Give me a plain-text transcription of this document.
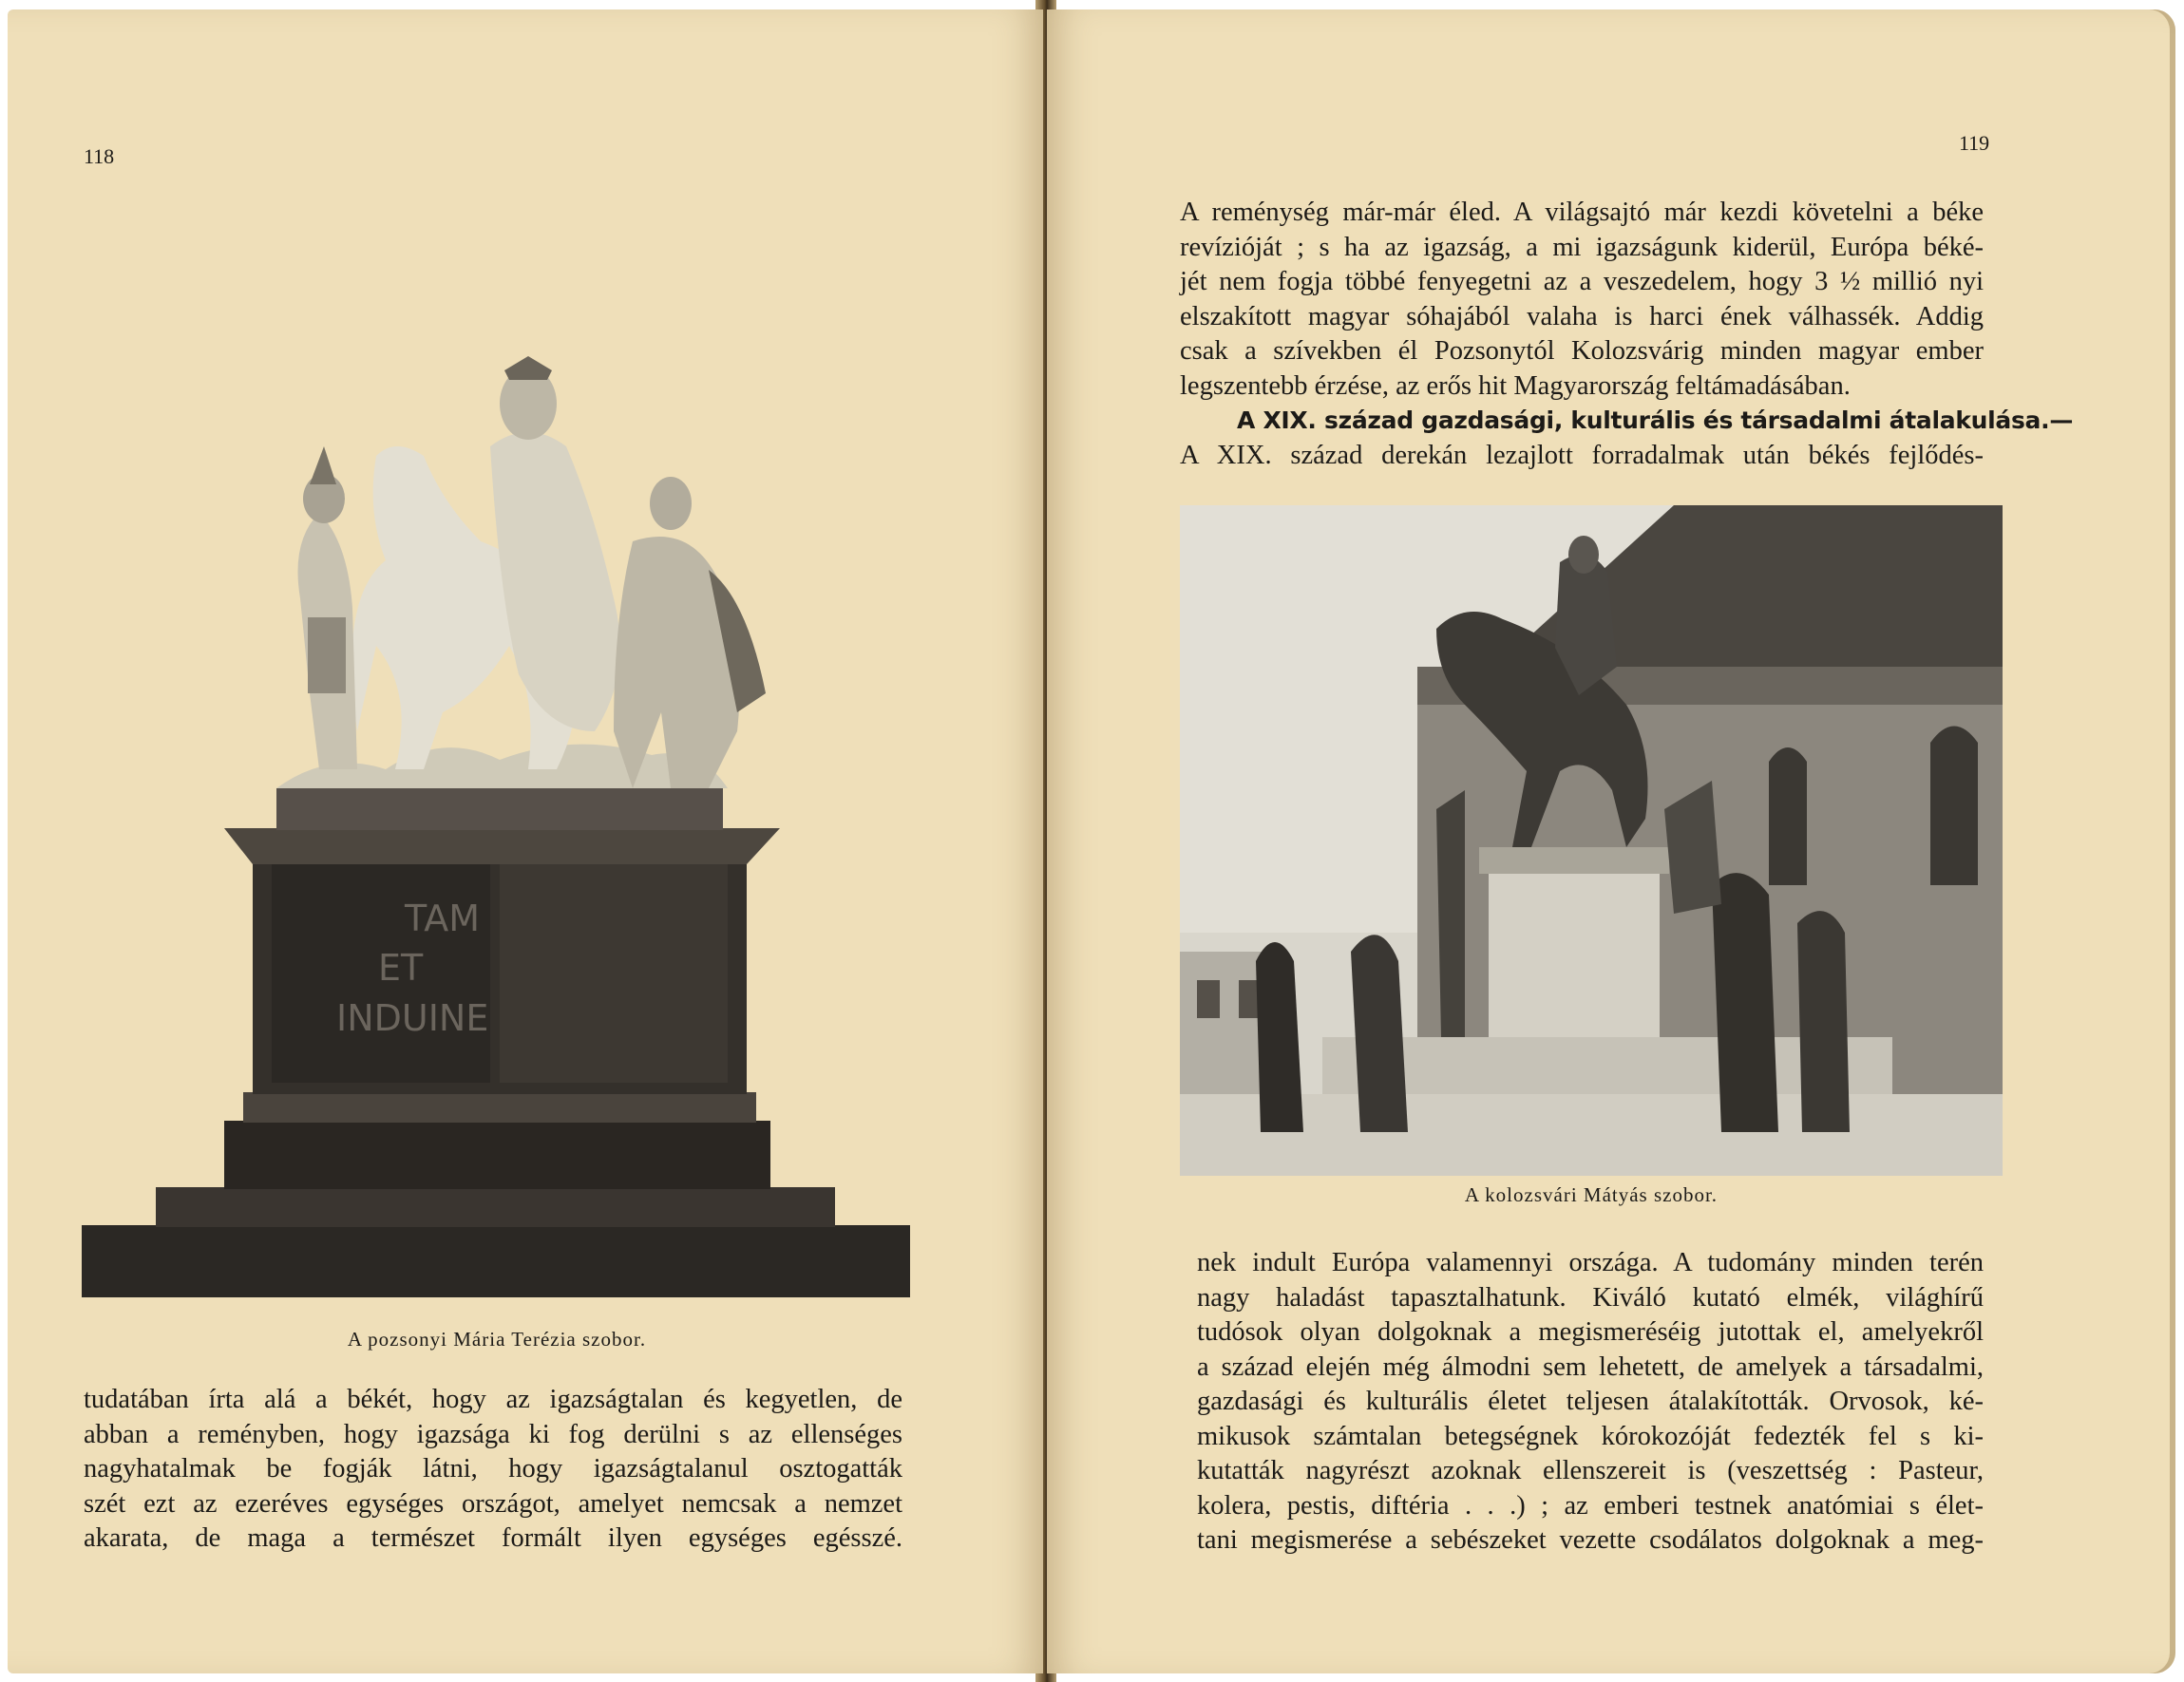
118
TAM
ET
INDUINE
A pozsonyi Mária Terézia szobor.
tudatában írta alá a békét, hogy az igazságtalan és kegyetlen, de
abban a reményben, hogy igazsága ki fog derülni s az ellenséges
nagyhatalmak be fogják látni, hogy igazságtalanul osztogatták
szét ezt az ezeréves egységes országot, amelyet nemcsak a nemzet
akarata, de maga a természet formált ilyen egységes egésszé.
119
A reménység már-már éled. A világsajtó már kezdi követelni a béke
revízióját ; s ha az igazság, a mi igazságunk kiderül, Európa béké-
jét nem fogja többé fenyegetni az a veszedelem, hogy 3 ½ millió nyi
elszakított magyar sóhajából valaha is harci ének válhassék. Addig
csak a szívekben él Pozsonytól Kolozsvárig minden magyar ember
legszentebb érzése, az erős hit Magyarország feltámadásában.
A XIX. század gazdasági, kulturális és társadalmi átalakulása.—
A XIX. század derekán lezajlott forradalmak után békés fejlődés-
A kolozsvári Mátyás szobor.
nek indult Európa valamennyi országa. A tudomány minden terén
nagy haladást tapasztalhatunk. Kiváló kutató elmék, világhírű
tudósok olyan dolgoknak a megismeréséig jutottak el, amelyekről
a század elején még álmodni sem lehetett, de amelyek a társadalmi,
gazdasági és kulturális életet teljesen átalakították. Orvosok, ké-
mikusok számtalan betegségnek kórokozóját fedezték fel s ki-
kutatták nagyrészt azoknak ellenszereit is (veszettség : Pasteur,
kolera, pestis, diftéria . . .) ; az emberi testnek anatómiai s élet-
tani megismerése a sebészeket vezette csodálatos dolgoknak a meg-
